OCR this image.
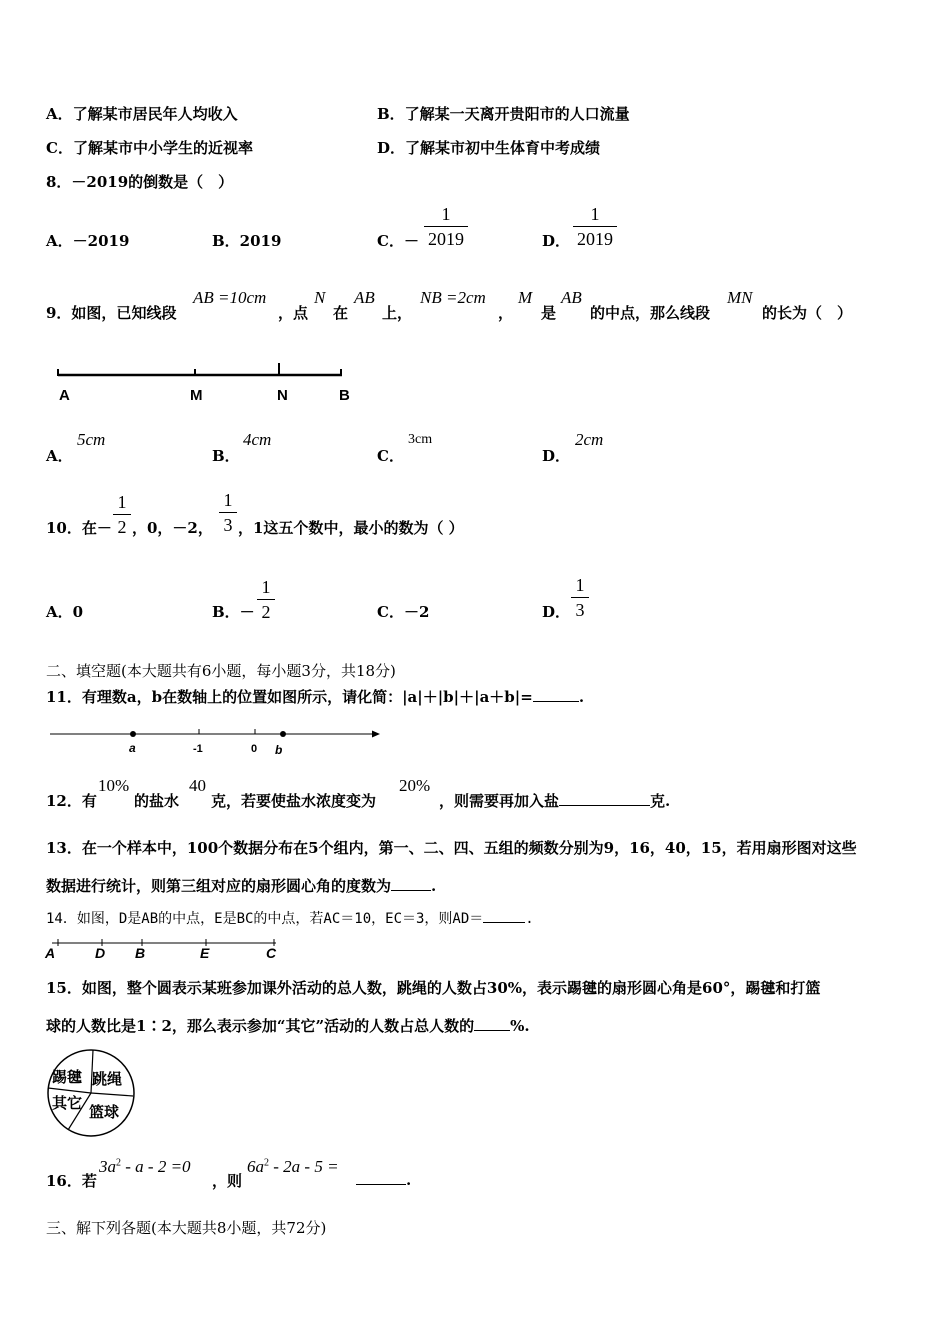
A．了解某市居民年人均收入	B．了解某一天离开贵阳市的人口流量
C．了解某市中小学生的近视率	D．了解某市初中生体育中考成绩
8．－2019的倒数是（　）
A．－2019	B．2019	C．－
1
2019	D．
1
2019
9．如图，已知线段
AB =10cm
，点
N
在
AB
上，
NB =2cm
，
M
是
AB
的中点，那么线段
MN
的长为（　）
A	M	N	B
A．
5cm
B．
4cm
C．
3cm
D．
2cm
10．在－
1
2 ，0，－2，
1
3 ，1这五个数中，最小的数为（ ）
A．0	B．－
1
2	C．－2	D．
1
3
二、填空题(本大题共有6小题，每小题3分，共18分)
11．有理数a，b在数轴上的位置如图所示，请化简：|a|＋|b|＋|a＋b|=	.
a	-1	0 b
12．有
10%
的盐水
40
克，若要使盐水浓度变为
20%
，则需要再加入盐	克.
13．在一个样本中，100个数据分布在5个组内，第一、二、四、五组的频数分别为9，16，40，15，若用扇形图对这些
数据进行统计，则第三组对应的扇形圆心角的度数为	.
14．如图，D是AB的中点，E是BC的中点，若AC＝10，EC＝3，则AD＝	.
A	D B	E	C
15．如图，整个圆表示某班参加课外活动的总人数，跳绳的人数占30%，表示踢毽的扇形圆心角是60°，踢毽和打篮
球的人数比是1∶2，那么表示参加“其它”活动的人数占总人数的 %.
踢毽 跳绳
其它
篮球
16．若
$3a^2 - a - 2 =0$
，则
$6a^2 - 2a - 5$ =
.
三、解下列各题(本大题共8小题，共72分)
